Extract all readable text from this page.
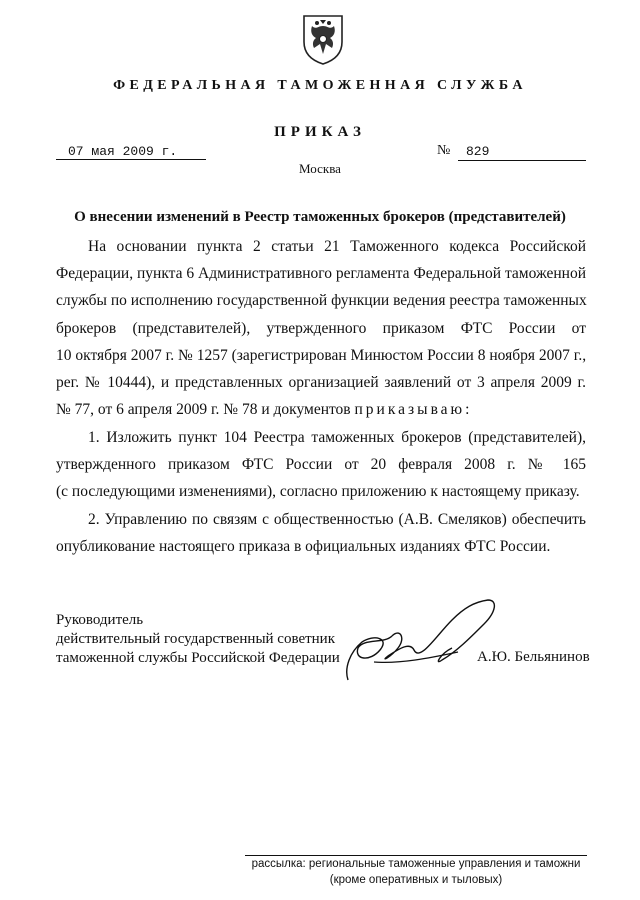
ФЕДЕРАЛЬНАЯ ТАМОЖЕННАЯ СЛУЖБА
ПРИКАЗ
07 мая 2009 г.	№	829
Москва
О внесении изменений в Реестр таможенных брокеров (представителей)
На основании пункта 2 статьи 21 Таможенного кодекса Российской
Федерации, пункта 6 Административного регламента Федеральной таможенной
службы по исполнению государственной функции ведения реестра таможенных
брокеров (представителей), утвержденного приказом ФТС России от
10 октября 2007 г. № 1257 (зарегистрирован Минюстом России 8 ноября 2007 г.,
рег. № 10444), и представленных организацией заявлений от 3 апреля 2009 г.
№ 77, от 6 апреля 2009 г. № 78 и документов приказываю:
1. Изложить пункт 104 Реестра таможенных брокеров (представителей),
утвержденного приказом ФТС России от 20 февраля 2008 г. № 165
(с последующими изменениями), согласно приложению к настоящему приказу.
2. Управлению по связям с общественностью (А.В. Смеляков) обеспечить
опубликование настоящего приказа в официальных изданиях ФТС России.
Руководитель
действительный государственный советник
таможенной службы Российской Федерации	А.Ю. Бельянинов
рассылка: региональные таможенные управления и таможни
(кроме оперативных и тыловых)
